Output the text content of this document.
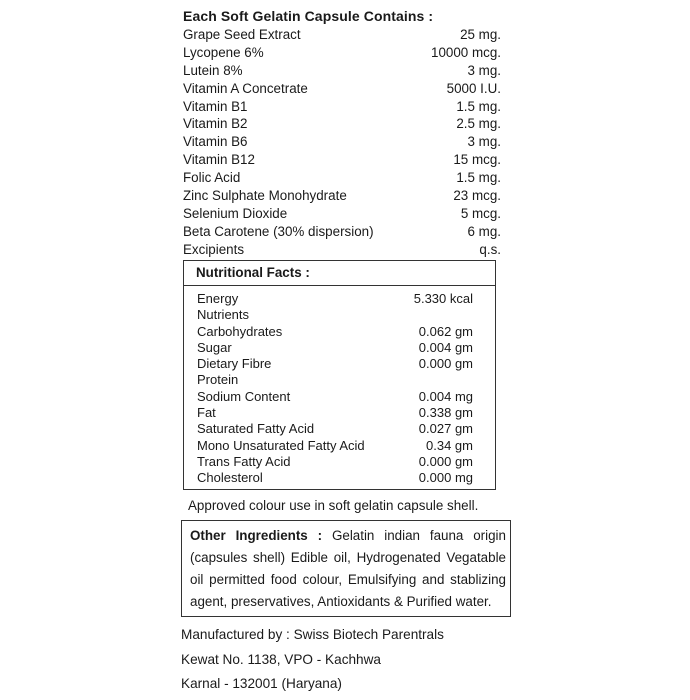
Each Soft Gelatin Capsule Contains :
Grape Seed Extract	25 mg.
Lycopene 6%	10000 mcg.
Lutein 8%	3 mg.
Vitamin A Concetrate	5000 I.U.
Vitamin B1	1.5 mg.
Vitamin B2	2.5 mg.
Vitamin B6	3 mg.
Vitamin B12	15 mcg.
Folic Acid	1.5 mg.
Zinc Sulphate Monohydrate	23 mcg.
Selenium Dioxide	5 mcg.
Beta Carotene (30% dispersion)	6 mg.
Excipients	q.s.
Nutritional Facts :
Energy	5.330 kcal
Nutrients
Carbohydrates	0.062 gm
Sugar	0.004 gm
Dietary Fibre	0.000 gm
Protein
Sodium Content	0.004 mg
Fat	0.338 gm
Saturated Fatty Acid	0.027 gm
Mono Unsaturated Fatty Acid	0.34 gm
Trans Fatty Acid	0.000 gm
Cholesterol	0.000 mg
Approved colour use in soft gelatin capsule shell.
Other Ingredients : Gelatin indian fauna origin (capsules shell) Edible oil, Hydrogenated Vegatable oil permitted food colour, Emulsifying and stablizing agent, preservatives, Antioxidants & Purified water.
Manufactured by : Swiss Biotech Parentrals
Kewat No. 1138, VPO - Kachhwa
Karnal - 132001 (Haryana)
